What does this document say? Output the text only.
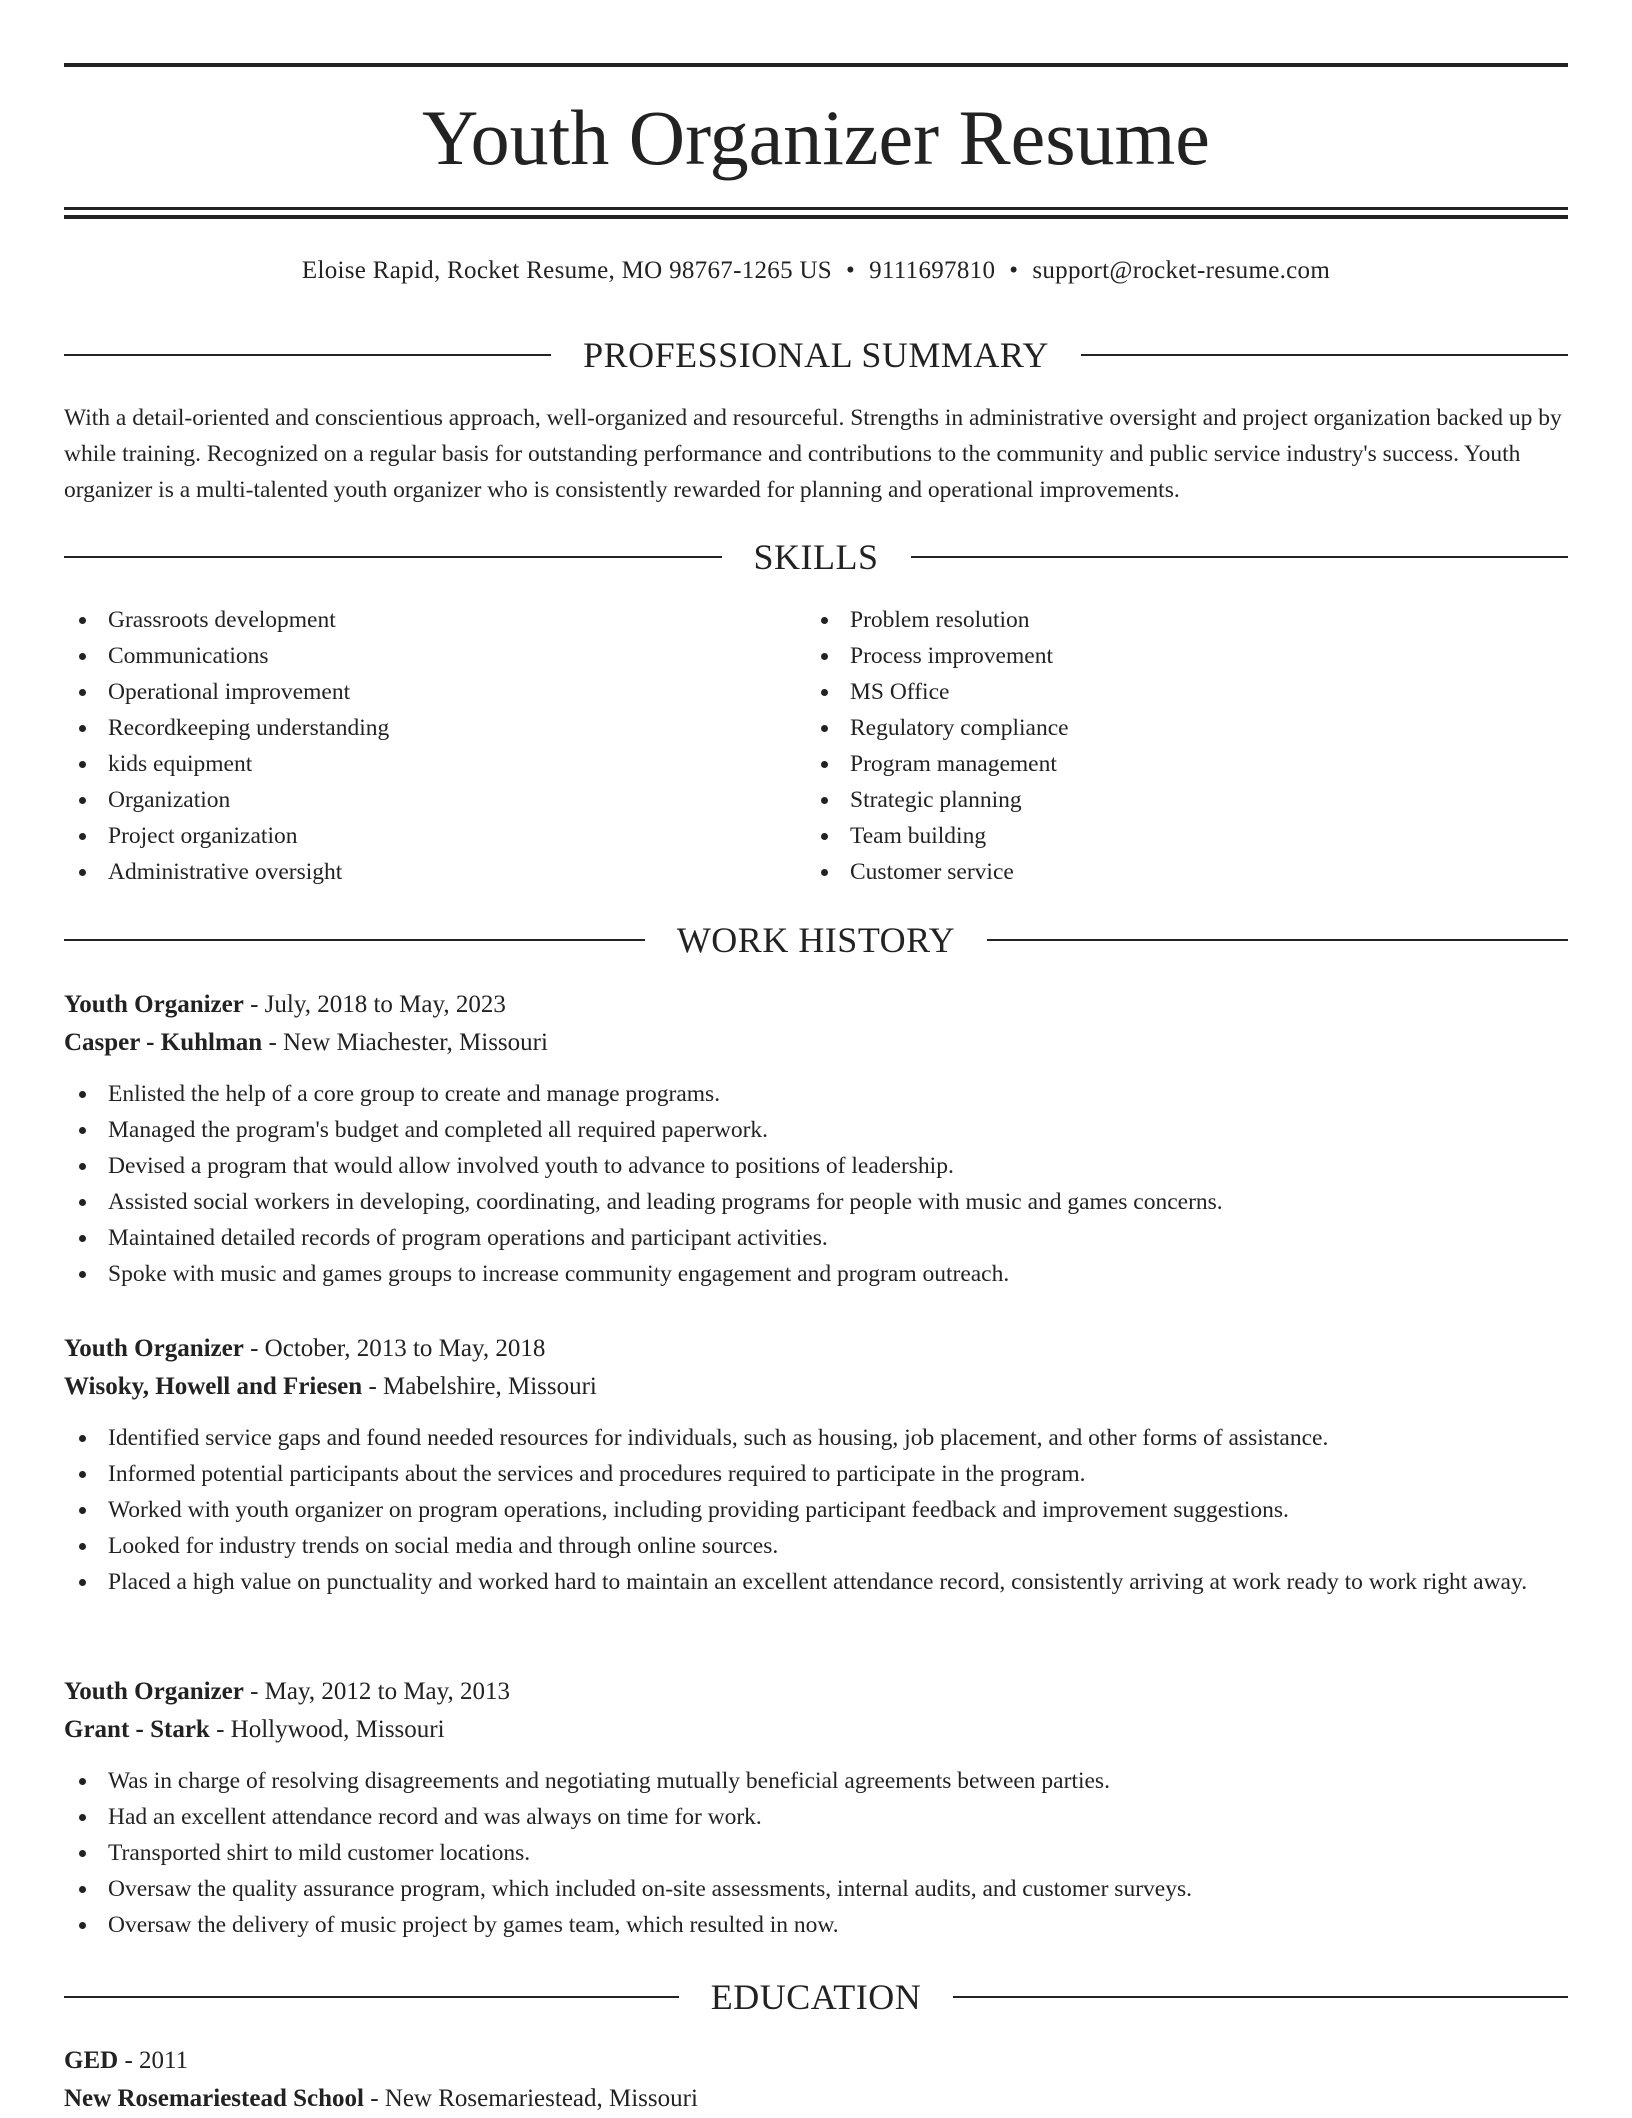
Youth Organizer Resume
Eloise Rapid, Rocket Resume, MO 98767-1265 US • 9111697810 • support@rocket-resume.com
PROFESSIONAL SUMMARY

With a detail-oriented and conscientious approach, well-organized and resourceful. Strengths in administrative oversight and project organization backed up by while training. Recognized on a regular basis for outstanding performance and contributions to the community and public service industry's success. Youth organizer is a multi-talented youth organizer who is consistently rewarded for planning and operational improvements.

SKILLS
Grassroots development
Communications
Operational improvement
Recordkeeping understanding
kids equipment
Organization
Project organization
Administrative oversight
Problem resolution
Process improvement
MS Office
Regulatory compliance
Program management
Strategic planning
Team building
Customer service
WORK HISTORY
Youth Organizer - July, 2018 to May, 2023
Casper - Kuhlman - New Miachester, Missouri
Enlisted the help of a core group to create and manage programs.
Managed the program's budget and completed all required paperwork.
Devised a program that would allow involved youth to advance to positions of leadership.
Assisted social workers in developing, coordinating, and leading programs for people with music and games concerns.
Maintained detailed records of program operations and participant activities.
Spoke with music and games groups to increase community engagement and program outreach.
Youth Organizer - October, 2013 to May, 2018
Wisoky, Howell and Friesen - Mabelshire, Missouri
Identified service gaps and found needed resources for individuals, such as housing, job placement, and other forms of assistance.
Informed potential participants about the services and procedures required to participate in the program.
Worked with youth organizer on program operations, including providing participant feedback and improvement suggestions.
Looked for industry trends on social media and through online sources.
Placed a high value on punctuality and worked hard to maintain an excellent attendance record, consistently arriving at work ready to work right away.
Youth Organizer - May, 2012 to May, 2013
Grant - Stark - Hollywood, Missouri
Was in charge of resolving disagreements and negotiating mutually beneficial agreements between parties.
Had an excellent attendance record and was always on time for work.
Transported shirt to mild customer locations.
Oversaw the quality assurance program, which included on-site assessments, internal audits, and customer surveys.
Oversaw the delivery of music project by games team, which resulted in now.
EDUCATION
GED - 2011
New Rosemariestead School - New Rosemariestead, Missouri
